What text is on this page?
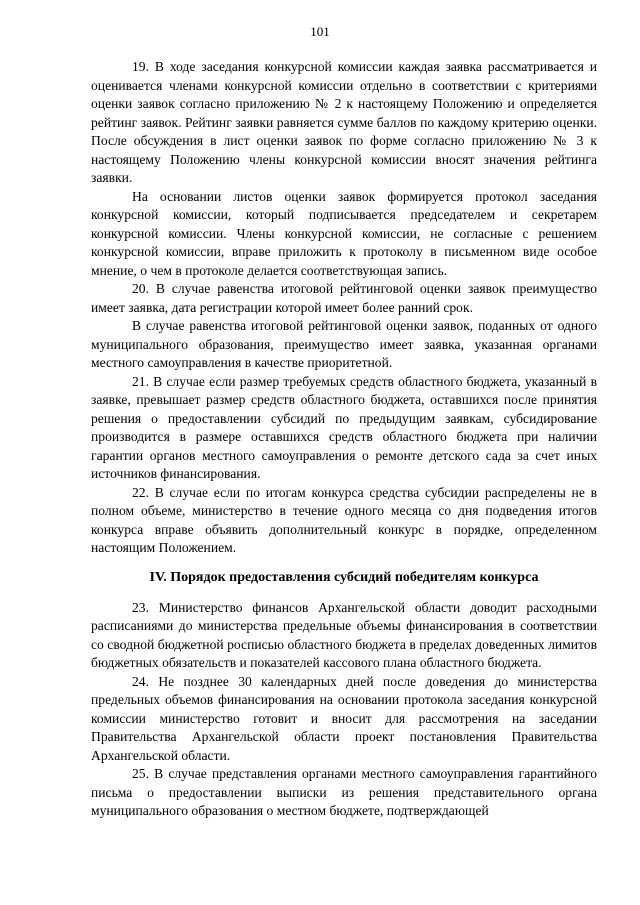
101

19. В ходе заседания конкурсной комиссии каждая заявка рассматривается и оценивается членами конкурсной комиссии отдельно в соответствии с критериями оценки заявок согласно приложению № 2 к настоящему Положению и определяется рейтинг заявок. Рейтинг заявки равняется сумме баллов по каждому критерию оценки. После обсуждения в лист оценки заявок по форме согласно приложению № 3 к настоящему Положению члены конкурсной комиссии вносят значения рейтинга заявки.

На основании листов оценки заявок формируется протокол заседания конкурсной комиссии, который подписывается председателем и секретарем конкурсной комиссии. Члены конкурсной комиссии, не согласные с решением конкурсной комиссии, вправе приложить к протоколу в письменном виде особое мнение, о чем в протоколе делается соответствующая запись.

20. В случае равенства итоговой рейтинговой оценки заявок преимущество имеет заявка, дата регистрации которой имеет более ранний срок.

В случае равенства итоговой рейтинговой оценки заявок, поданных от одного муниципального образования, преимущество имеет заявка, указанная органами местного самоуправления в качестве приоритетной.

21. В случае если размер требуемых средств областного бюджета, указанный в заявке, превышает размер средств областного бюджета, оставшихся после принятия решения о предоставлении субсидий по предыдущим заявкам, субсидирование производится в размере оставшихся средств областного бюджета при наличии гарантии органов местного самоуправления о ремонте детского сада за счет иных источников финансирования.

22. В случае если по итогам конкурса средства субсидии распределены не в полном объеме, министерство в течение одного месяца со дня подведения итогов конкурса вправе объявить дополнительный конкурс в порядке, определенном настоящим Положением.

IV. Порядок предоставления субсидий победителям конкурса

23. Министерство финансов Архангельской области доводит расходными расписаниями до министерства предельные объемы финансирования в соответствии со сводной бюджетной росписью областного бюджета в пределах доведенных лимитов бюджетных обязательств и показателей кассового плана областного бюджета.

24. Не позднее 30 календарных дней после доведения до министерства предельных объемов финансирования на основании протокола заседания конкурсной комиссии министерство готовит и вносит для рассмотрения на заседании Правительства Архангельской области проект постановления Правительства Архангельской области.

25. В случае представления органами местного самоуправления гарантийного письма о предоставлении выписки из решения представительного органа муниципального образования о местном бюджете, подтверждающей
